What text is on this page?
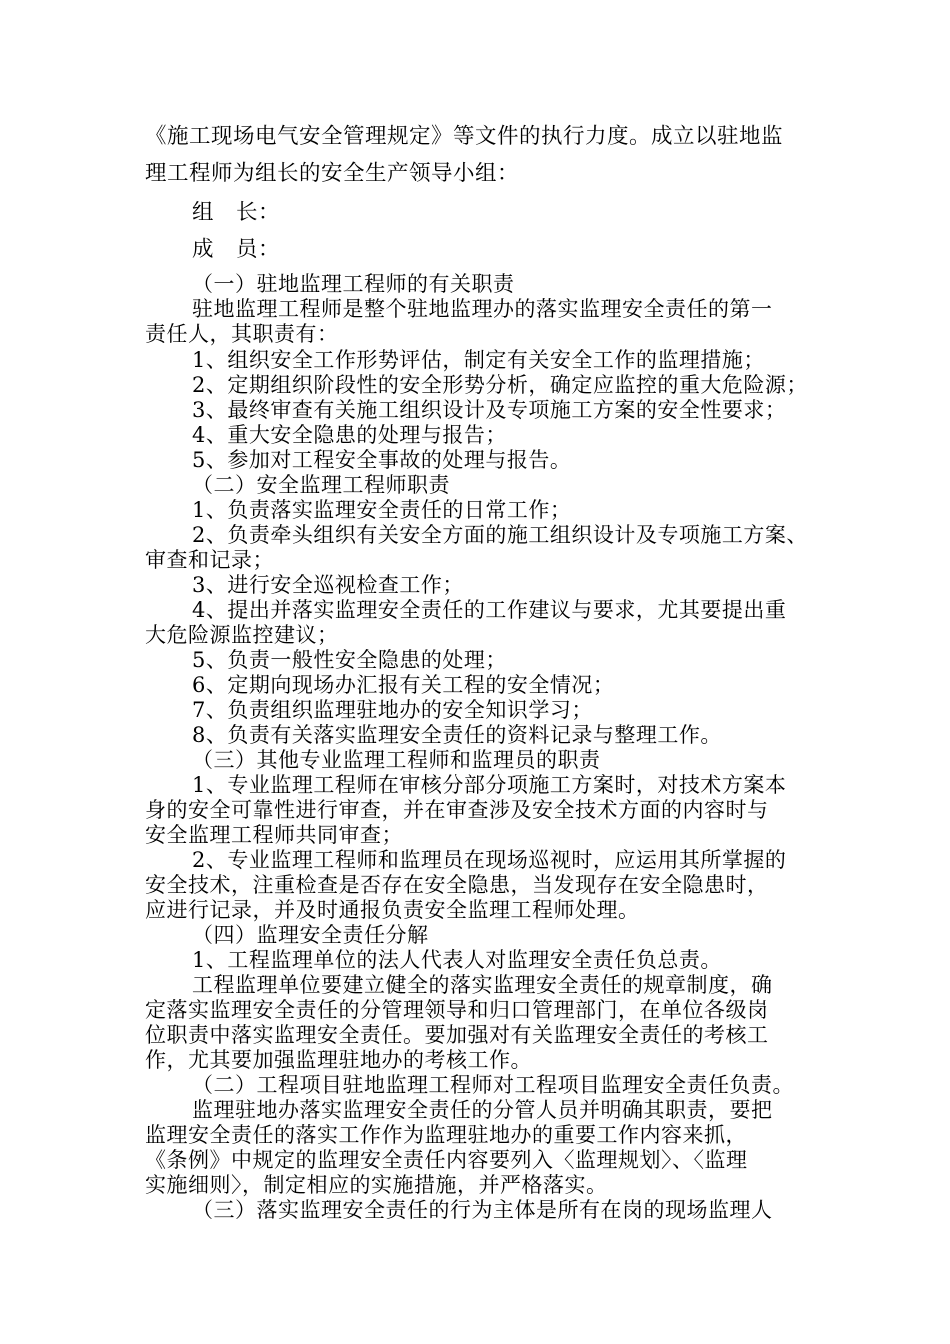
《施工现场电气安全管理规定》等文件的执行力度。成立以驻地监
理工程师为组长的安全生产领导小组：
组　长：
成　员：
（一）驻地监理工程师的有关职责
驻地监理工程师是整个驻地监理办的落实监理安全责任的第一
责任人，其职责有：
1、组织安全工作形势评估，制定有关安全工作的监理措施；
2、定期组织阶段性的安全形势分析，确定应监控的重大危险源；
3、最终审查有关施工组织设计及专项施工方案的安全性要求；
4、重大安全隐患的处理与报告；
5、参加对工程安全事故的处理与报告。
（二）安全监理工程师职责
1、负责落实监理安全责任的日常工作；
2、负责牵头组织有关安全方面的施工组织设计及专项施工方案、
审查和记录；
3、进行安全巡视检查工作；
4、提出并落实监理安全责任的工作建议与要求，尤其要提出重
大危险源监控建议；
5、负责一般性安全隐患的处理；
6、定期向现场办汇报有关工程的安全情况；
7、负责组织监理驻地办的安全知识学习；
8、负责有关落实监理安全责任的资料记录与整理工作。
（三）其他专业监理工程师和监理员的职责
1、专业监理工程师在审核分部分项施工方案时，对技术方案本
身的安全可靠性进行审查，并在审查涉及安全技术方面的内容时与
安全监理工程师共同审查；
2、专业监理工程师和监理员在现场巡视时，应运用其所掌握的
安全技术，注重检查是否存在安全隐患，当发现存在安全隐患时，
应进行记录，并及时通报负责安全监理工程师处理。
（四）监理安全责任分解
1、工程监理单位的法人代表人对监理安全责任负总责。
工程监理单位要建立健全的落实监理安全责任的规章制度，确
定落实监理安全责任的分管理领导和归口管理部门，在单位各级岗
位职责中落实监理安全责任。要加强对有关监理安全责任的考核工
作，尤其要加强监理驻地办的考核工作。
（二）工程项目驻地监理工程师对工程项目监理安全责任负责。
监理驻地办落实监理安全责任的分管人员并明确其职责，要把
监理安全责任的落实工作作为监理驻地办的重要工作内容来抓，
《条例》中规定的监理安全责任内容要列入〈监理规划〉、〈监理
实施细则〉，制定相应的实施措施，并严格落实。
（三）落实监理安全责任的行为主体是所有在岗的现场监理人
